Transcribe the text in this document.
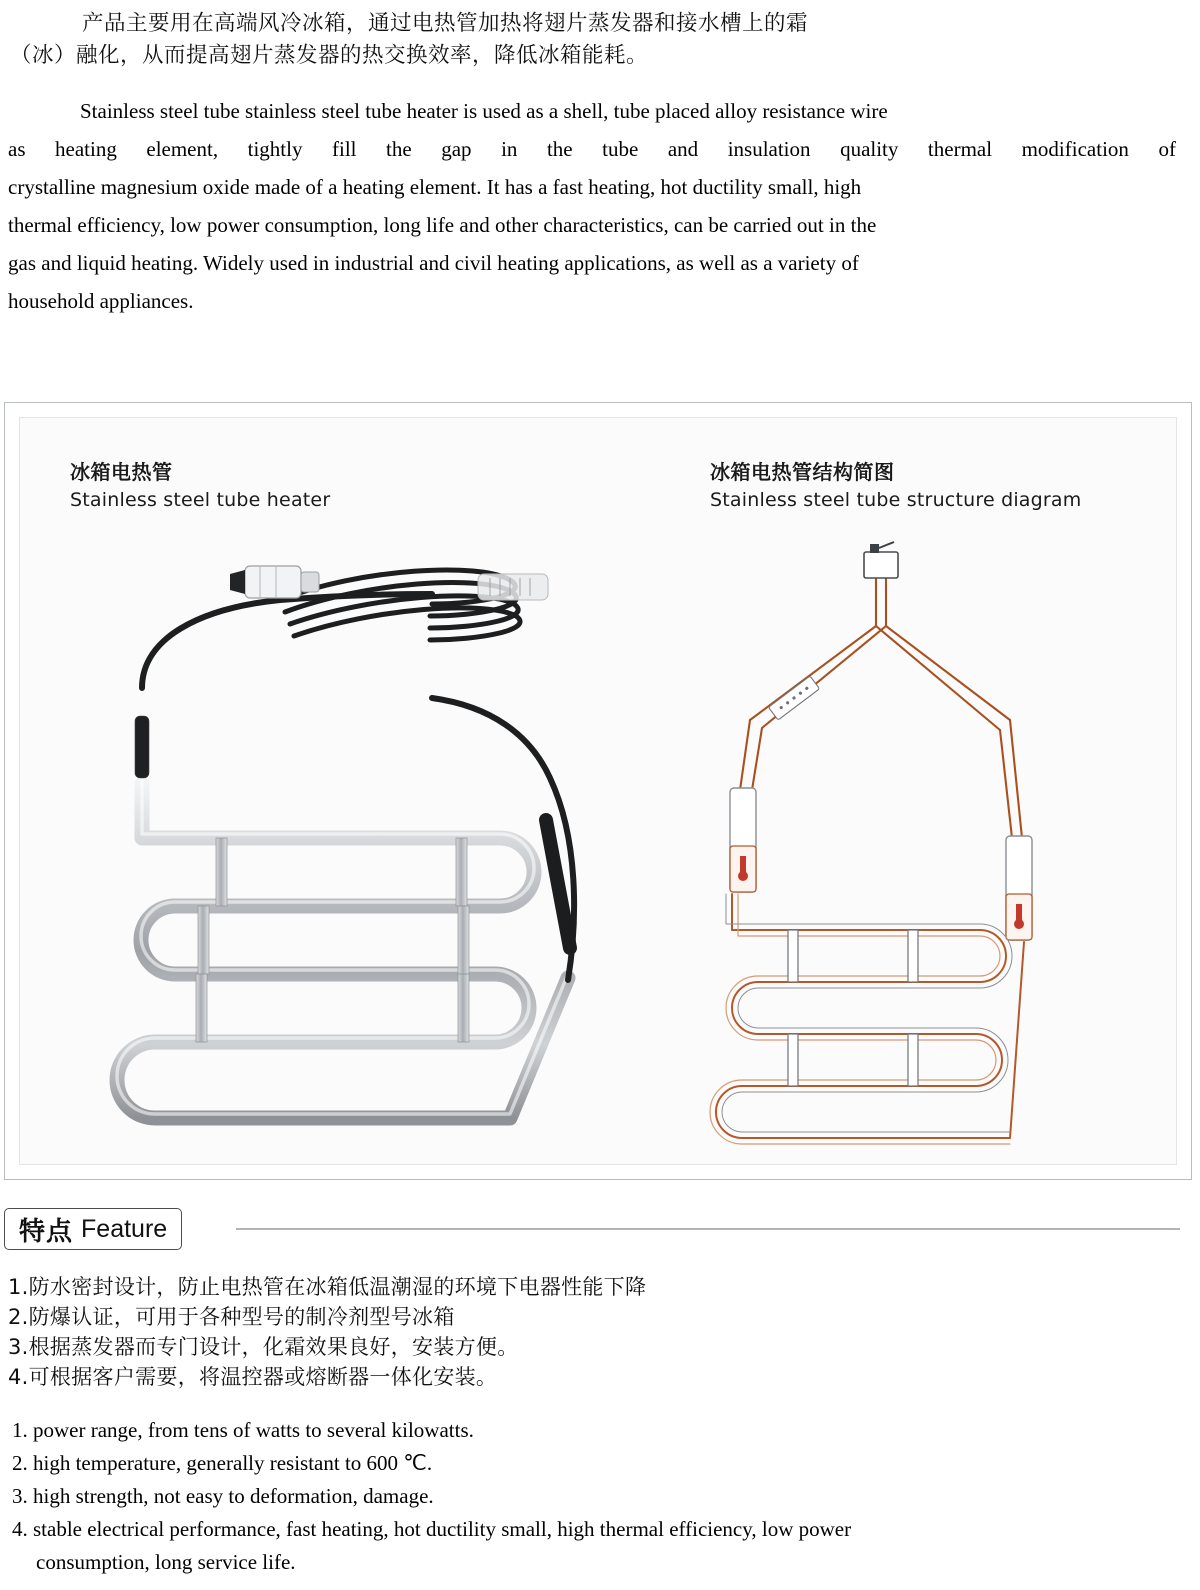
产品主要用在高端风冷冰箱，通过电热管加热将翅片蒸发器和接水槽上的霜
（冰）融化，从而提高翅片蒸发器的热交换效率，降低冰箱能耗。
Stainless steel tube stainless steel tube heater is used as a shell, tube placed alloy resistance wire
as heating element, tightly fill the gap in the tube and insulation quality thermal modification of
crystalline magnesium oxide made of a heating element. It has a fast heating, hot ductility small, high
thermal efficiency, low power consumption, long life and other characteristics, can be carried out in the
gas and liquid heating. Widely used in industrial and civil heating applications, as well as a variety of
household appliances.
冰箱电热管
Stainless steel tube heater
冰箱电热管结构简图
Stainless steel tube structure diagram
特点 Feature
1.防水密封设计，防止电热管在冰箱低温潮湿的环境下电器性能下降
2.防爆认证，可用于各种型号的制冷剂型号冰箱
3.根据蒸发器而专门设计，化霜效果良好，安装方便。
4.可根据客户需要，将温控器或熔断器一体化安装。

1. power range, from tens of watts to several kilowatts.

2. high temperature, generally resistant to 600 ℃.

3. high strength, not easy to deformation, damage.

4. stable electrical performance, fast heating, hot ductility small, high thermal efficiency, low power

consumption, long service life.
